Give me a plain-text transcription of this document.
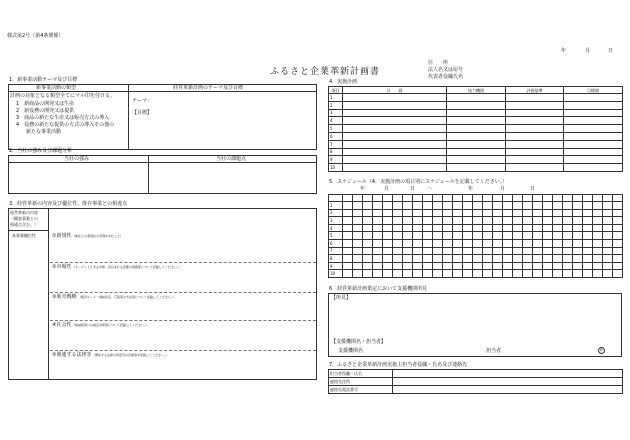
様式第2号（第4条関係）
年	月	日
ふるさと企業革新計画書
住　　所
法人名又は屋号
代表者役職氏名
1．新事業活動テーマ及び目標
新事業活動の類型	経営革新計画のテーマ及び目標
計画の対象となる類型全てにマル印を付ける。
1　新商品の開発又は生産
2　新役務の開発又は提供
3　商品の新たな生産又は販売方式の導入
4　役務の新たな提供の方式の導入その他の
新たな事業活動
テーマ：
【目標】
2．当社の強み及び課題分析
当社の強み	当社の課題点
3．経営革新の内容及び優位性、既存事業との相違点
経営革新の内容
（概容事業との
相違点含む。）
本事業観位性	①新規性 （他社との差別化の実例を含むこと）　　　　　　　　　　　　　　　　　　　　　
②市場性 （ターゲットとする市場、見込まれる需要の規模等について記載してください。）
③販売戦略 （販売ルート・価格設定、広報等の方法等について記載してください。）
④社会性 （地域経済への波及効果等について記載してください。）
⑤関連する法律等 （関係する法律の許認可の有無等を記載してください。）
4．実施計画
項目	計　　画	協力機関	評価基準	目標値
1				
2				
3				
4				
5				
6				
7				
8				
9				
10				
5．スケジュール（4．実施計画の項目別にスケジュールを記載してください。）
年	月	日	〜	年	月	日

1																												
2																												
3																												
4																												
5																												
6																												
7																												
8																												
9																												
10																												
6．経営革新計画策定において支援機関所見
【所見】
【支援機関名・担当者】
支援機関名	担当者	印
7．ふるさと企業革新計画実施主担当者役職・氏名及び連絡先
担当者役職・氏名	
連絡先住所	
連絡先電話番号	
